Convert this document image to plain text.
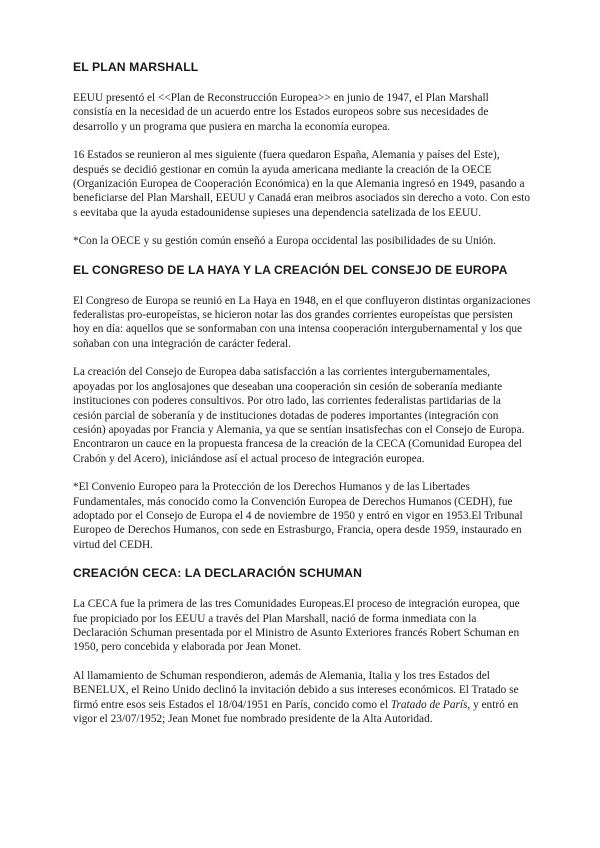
EL PLAN MARSHALL

EEUU presentó el <<Plan de Reconstrucción Europea>> en junio de 1947, el Plan Marshall consistía en la necesidad de un acuerdo entre los Estados europeos sobre sus necesidades de desarrollo y un programa que pusiera en marcha la economía europea.

16 Estados se reunieron al mes siguiente (fuera quedaron España, Alemania y países del Este), después se decidió gestionar en común la ayuda americana mediante la creación de la OECE (Organización Europea de Cooperación Económica) en la que Alemania ingresó en 1949, pasando a beneficiarse del Plan Marshall, EEUU y Canadá eran meibros asociados sin derecho a voto. Con esto s eevitaba que la ayuda estadounidense supieses una dependencia satelizada de los EEUU.

*Con la OECE y su gestión común enseñó a Europa occidental las posibilidades de su Unión.

EL CONGRESO DE LA HAYA Y LA CREACIÓN DEL CONSEJO DE EUROPA

El Congreso de Europa se reunió en La Haya en 1948, en el que confluyeron distintas organizaciones federalistas pro-europeístas, se hicieron notar las dos grandes corrientes europeístas que persisten hoy en día: aquellos que se sonformaban con una intensa cooperación intergubernamental y los que soñaban con una integración de carácter federal.

La creación del Consejo de Europea daba satisfacción a las corrientes intergubernamentales, apoyadas por los anglosajones que deseaban una cooperación sin cesión de soberanía mediante instituciones con poderes consultivos. Por otro lado, las corrientes federalistas partidarias de la cesión parcial de soberanía y de instituciones dotadas de poderes importantes (integración con cesión) apoyadas por Francia y Alemania, ya que se sentían insatisfechas con el Consejo de Europa. Encontraron un cauce en la propuesta francesa de la creación de la CECA (Comunidad Europea del Crabón y del Acero), iniciándose así el actual proceso de integración europea.

*El Convenio Europeo para la Protección de los Derechos Humanos y de las Libertades Fundamentales, más conocido como la Convención Europea de Derechos Humanos (CEDH), fue adoptado por el Consejo de Europa el 4 de noviembre de 1950 y entró en vigor en 1953.El Tribunal Europeo de Derechos Humanos, con sede en Estrasburgo, Francia, opera desde 1959, instaurado en virtud del CEDH.

CREACIÓN CECA: LA DECLARACIÓN SCHUMAN

La CECA fue la primera de las tres Comunidades Europeas.El proceso de integración europea, que fue propiciado por los EEUU a través del Plan Marshall, nació de forma inmediata con la Declaración Schuman presentada por el Ministro de Asunto Exteriores francés Robert Schuman en 1950, pero concebida y elaborada por Jean Monet.

Al llamamiento de Schuman respondieron, además de Alemania, Italia y los tres Estados del BENELUX, el Reino Unido declinó la invitación debido a sus intereses económicos. El Tratado se firmó entre esos seis Estados el 18/04/1951 en París, concido como el Tratado de París, y entró en vigor el 23/07/1952; Jean Monet fue nombrado presidente de la Alta Autoridad.
